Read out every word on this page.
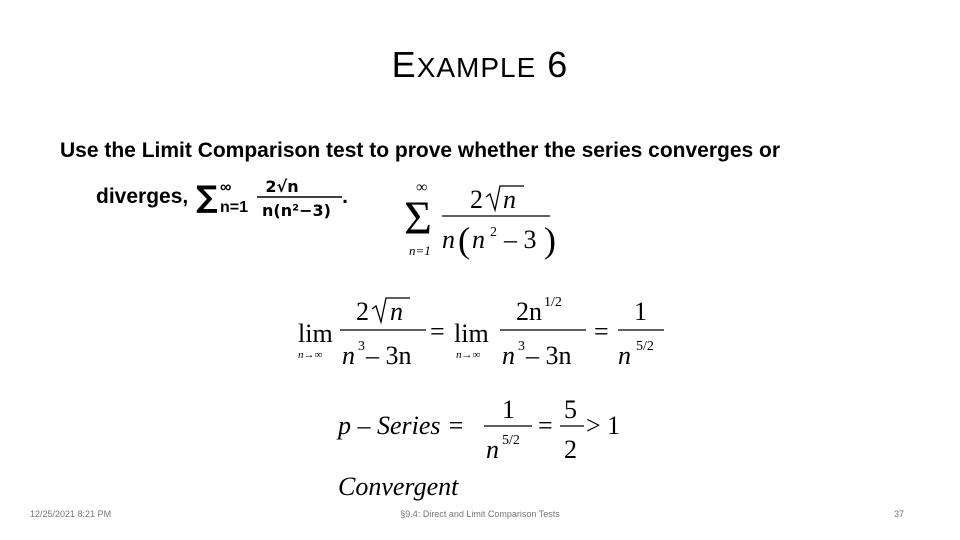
EXAMPLE 6
Use the Limit Comparison test to prove whether the series converges or
diverges, ∑ ∞
n=1
2√n
n(n²−3)
.	∞
Σ
n=1
2 n
n ( n 2 – 3 )
lim
n→∞
2 n
n 3 – 3n
= lim
n→∞
2n 1/2
n 3 – 3n
=
1
n 5/2
p – Series =
1
n 5/2
=
5
2
> 1
Convergent
12/25/2021 8:21 PM	§9.4: Direct and Limit Comparison Tests	37
